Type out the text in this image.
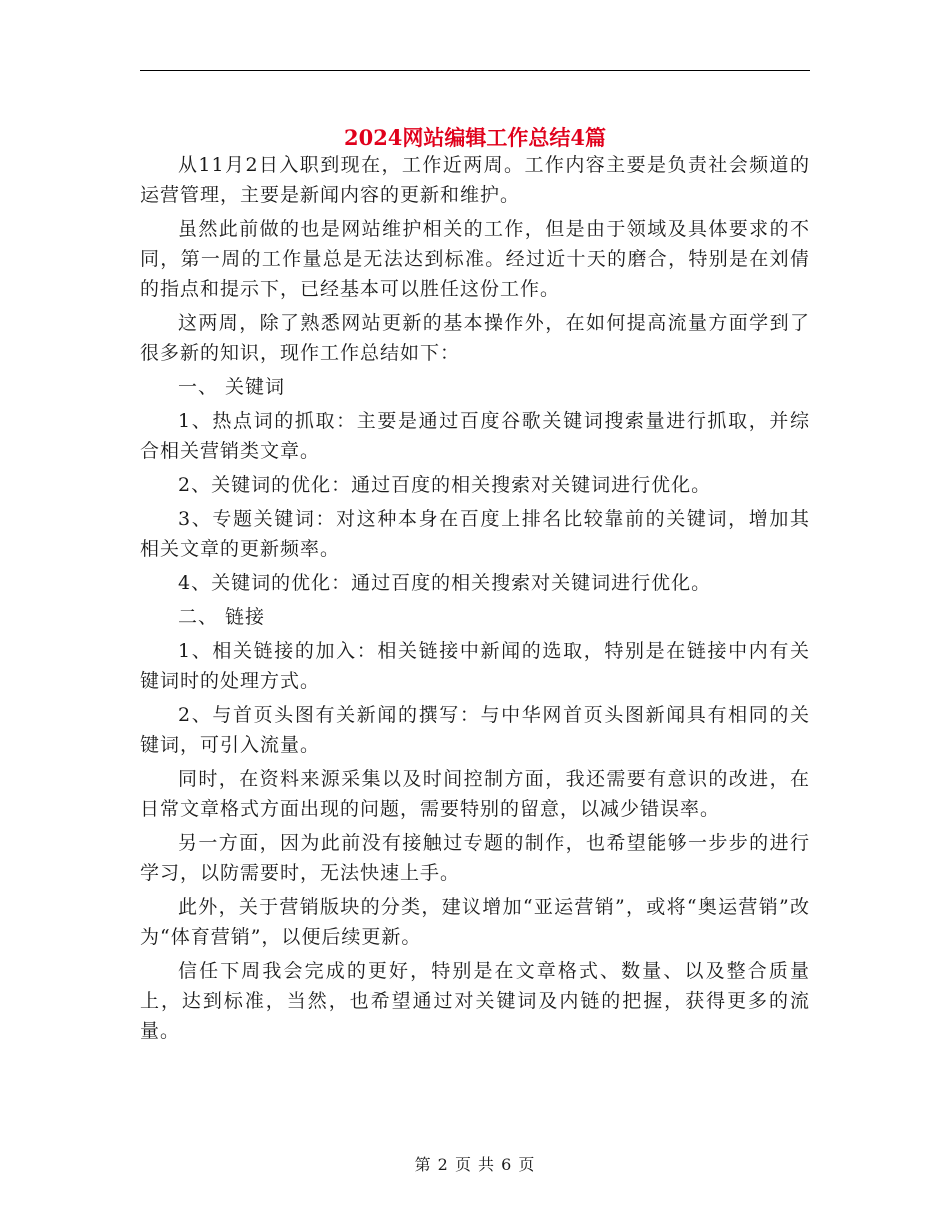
2024网站编辑工作总结4篇

从11月2日入职到现在，工作近两周。工作内容主要是负责社会频道的运营管理，主要是新闻内容的更新和维护。

虽然此前做的也是网站维护相关的工作，但是由于领域及具体要求的不同，第一周的工作量总是无法达到标准。经过近十天的磨合，特别是在刘倩的指点和提示下，已经基本可以胜任这份工作。

这两周，除了熟悉网站更新的基本操作外，在如何提高流量方面学到了很多新的知识，现作工作总结如下：

一、 关键词

1、热点词的抓取：主要是通过百度谷歌关键词搜索量进行抓取，并综合相关营销类文章。

2、关键词的优化：通过百度的相关搜索对关键词进行优化。

3、专题关键词：对这种本身在百度上排名比较靠前的关键词，增加其相关文章的更新频率。

4、关键词的优化：通过百度的相关搜索对关键词进行优化。

二、 链接

1、相关链接的加入：相关链接中新闻的选取，特别是在链接中内有关键词时的处理方式。

2、与首页头图有关新闻的撰写：与中华网首页头图新闻具有相同的关键词，可引入流量。

同时，在资料来源采集以及时间控制方面，我还需要有意识的改进，在日常文章格式方面出现的问题，需要特别的留意，以减少错误率。

另一方面，因为此前没有接触过专题的制作，也希望能够一步步的进行学习，以防需要时，无法快速上手。

此外，关于营销版块的分类，建议增加“亚运营销”，或将“奥运营销”改为“体育营销”，以便后续更新。

信任下周我会完成的更好，特别是在文章格式、数量、以及整合质量上，达到标准，当然，也希望通过对关键词及内链的把握，获得更多的流量。

第 2 页 共 6 页
